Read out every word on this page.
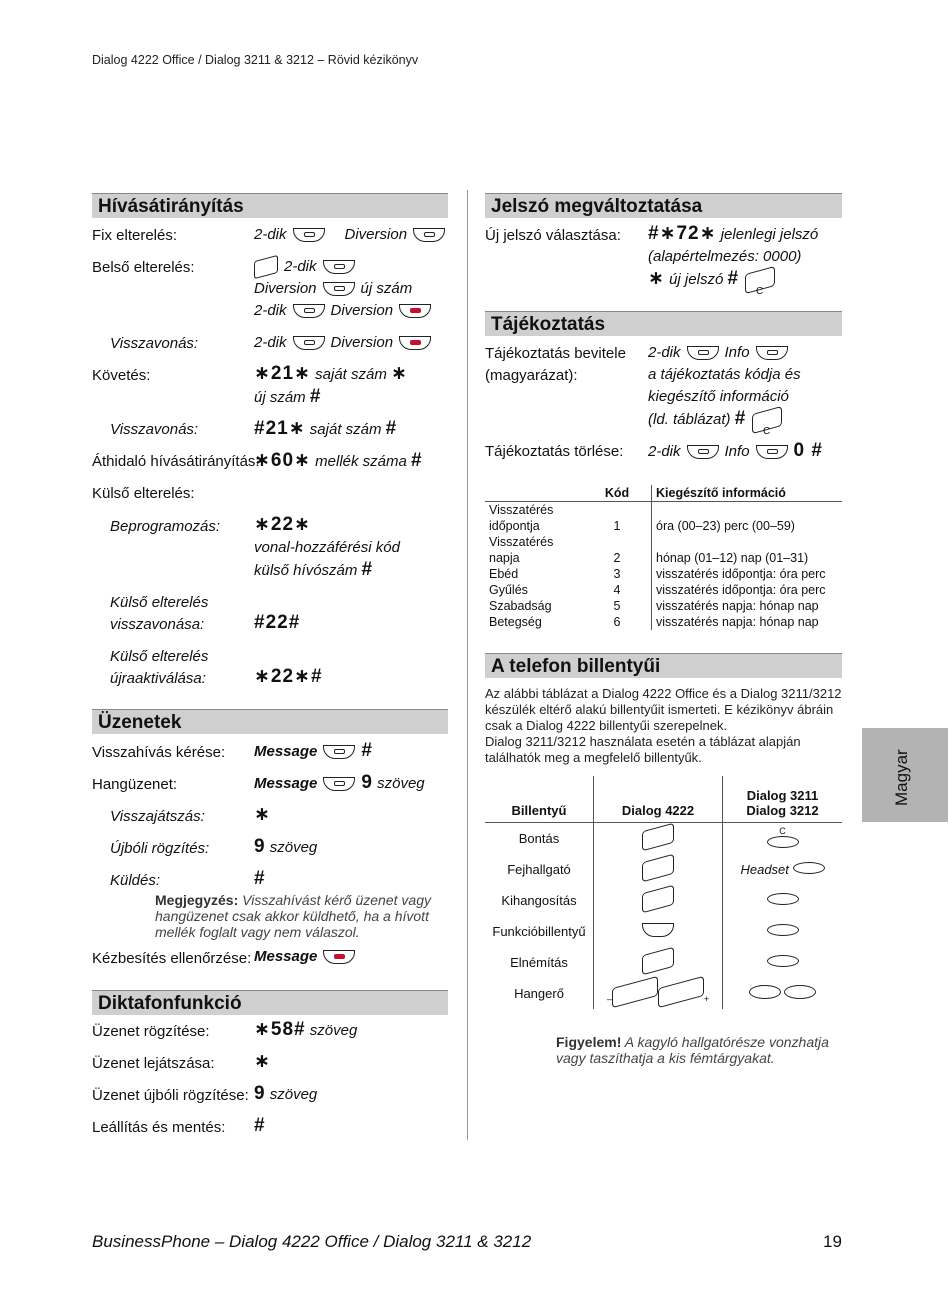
Dialog 4222 Office / Dialog 3211 & 3212 – Rövid kézikönyv
Hívásátirányítás
Fix elterelés:	2-dik	Diversion
Belső elterelés:	2-dik
Diversion	új szám
2-dik	Diversion
Visszavonás:	2-dik	Diversion
Követés:	∗21∗ saját szám ∗
új szám #
Visszavonás:	#21∗ saját szám #
Áthidaló hívásátirányítás:
∗60∗ mellék száma #
Külső elterelés:
Beprogramozás: ∗22∗
vonal-hozzáférési kód
külső hívószám #
Külső elterelés
visszavonása:	#22#
Külső elterelés
újraaktiválása:	∗22∗#
Üzenetek
Visszahívás kérése: Message #
Hangüzenet:	Message 9 szöveg
Visszajátszás:	∗
Újbóli rögzítés: 9 szöveg
Küldés:	#
Megjegyzés: Visszahívást kérő üzenet vagy hangüzenet csak akkor küldhető, ha a hívott mellék foglalt vagy nem válaszol.
Kézbesítés ellenőrzése: Message
Diktafonfunkció
Üzenet rögzítése: ∗58# szöveg
Üzenet lejátszása: ∗
Üzenet újbóli rögzítése: 9 szöveg
Leállítás és mentés: #
Jelszó megváltoztatása
Új jelszó választása: #∗72∗ jelenlegi jelszó
(alapértelmezés: 0000)
∗ új jelszó #
C
Tájékoztatás
Tájékoztatás bevitele
(magyarázat):
2-dik	Info
a tájékoztatás kódja és
kiegészítő információ
(ld. táblázat) #
C
Tájékoztatás törlése: 2-dik	Info 0 #
	Kód	Kiegészítő információ
Visszatérés		
időpontja	1	óra (00–23) perc (00–59)
Visszatérés		
napja	2	hónap (01–12) nap (01–31)
Ebéd	3	visszatérés időpontja: óra perc
Gyűlés	4	visszatérés időpontja: óra perc
Szabadság	5	visszatérés napja: hónap nap
Betegség	6	visszatérés napja: hónap nap
A telefon billentyűi
Az alábbi táblázat a Dialog 4222 Office és a Dialog 3211/3212 készülék eltérő alakú billentyűit ismerteti. E kézikönyv ábráin csak a Dialog 4222 billentyűi szerepelnek.
Dialog 3211/3212 használata esetén a táblázat alapján találhatók meg a megfelelő billentyűk.
Billentyű	Dialog 4222	Dialog 3211
Dialog 3212
Bontás		C

Fejhallgató		Headset
Kihangosítás		
Funkcióbillentyű		
Elnémítás		
Hangerő	– +	
Figyelem! A kagyló hallgatórésze vonzhatja vagy taszíthatja a kis fémtárgyakat.
Magyar
BusinessPhone – Dialog 4222 Office / Dialog 3211 & 3212	19
